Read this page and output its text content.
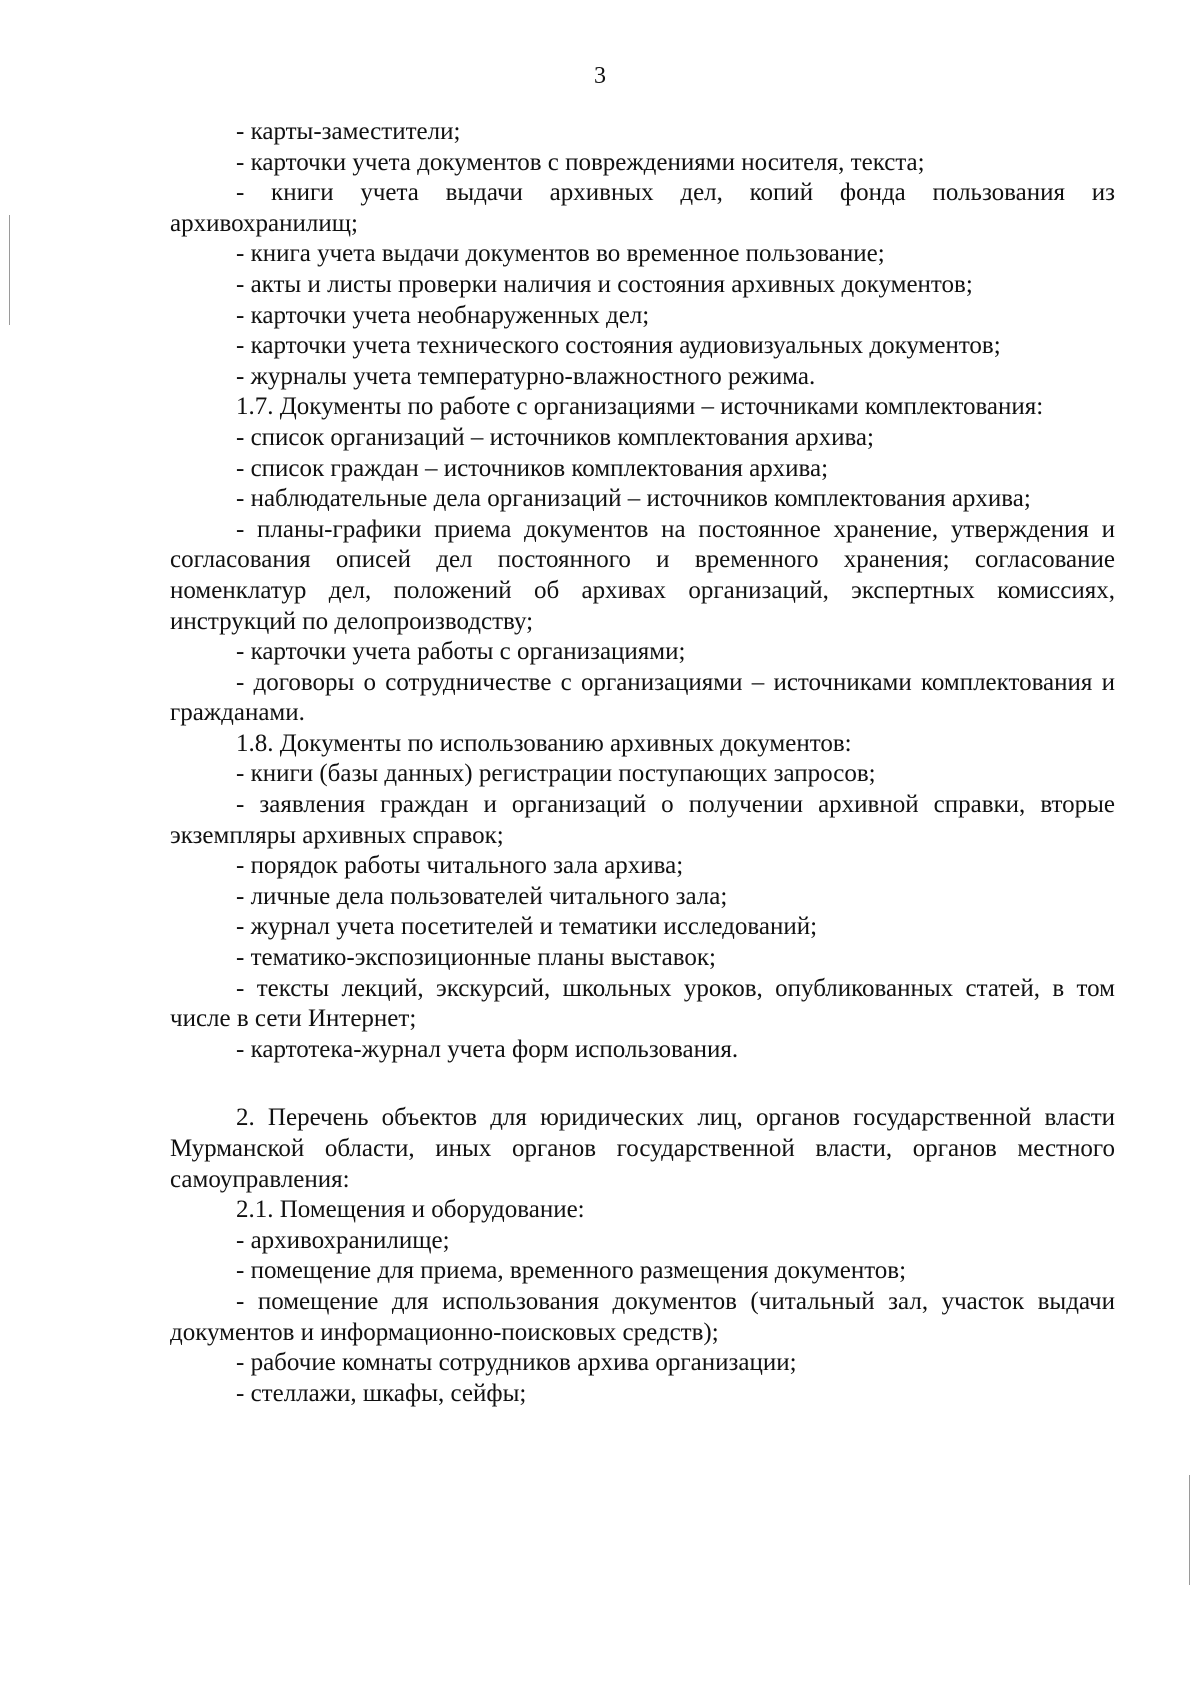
3

- карты-заместители;

- карточки учета документов с повреждениями носителя, текста;

- книги учета выдачи архивных дел, копий фонда пользования из архивохранилищ;

- книга учета выдачи документов во временное пользование;

- акты и листы проверки наличия и состояния архивных документов;

- карточки учета необнаруженных дел;

- карточки учета технического состояния аудиовизуальных документов;

- журналы учета температурно-влажностного режима.

1.7. Документы по работе с организациями – источниками комплектования:

- список организаций – источников комплектования архива;

- список граждан – источников комплектования архива;

- наблюдательные дела организаций – источников комплектования архива;

- планы-графики приема документов на постоянное хранение, утверждения и согласования описей дел постоянного и временного хранения; согласование номенклатур дел, положений об архивах организаций, экспертных комиссиях, инструкций по делопроизводству;

- карточки учета работы с организациями;

- договоры о сотрудничестве с организациями – источниками комплектования и гражданами.

1.8. Документы по использованию архивных документов:

- книги (базы данных) регистрации поступающих запросов;

- заявления граждан и организаций о получении архивной справки, вторые экземпляры архивных справок;

- порядок работы читального зала архива;

- личные дела пользователей читального зала;

- журнал учета посетителей и тематики исследований;

- тематико-экспозиционные планы выставок;

- тексты лекций, экскурсий, школьных уроков, опубликованных статей, в том числе в сети Интернет;

- картотека-журнал учета форм использования.

2. Перечень объектов для юридических лиц, органов государственной власти Мурманской области, иных органов государственной власти, органов местного самоуправления:

2.1. Помещения и оборудование:

- архивохранилище;

- помещение для приема, временного размещения документов;

- помещение для использования документов (читальный зал, участок выдачи документов и информационно-поисковых средств);

- рабочие комнаты сотрудников архива организации;

- стеллажи, шкафы, сейфы;
